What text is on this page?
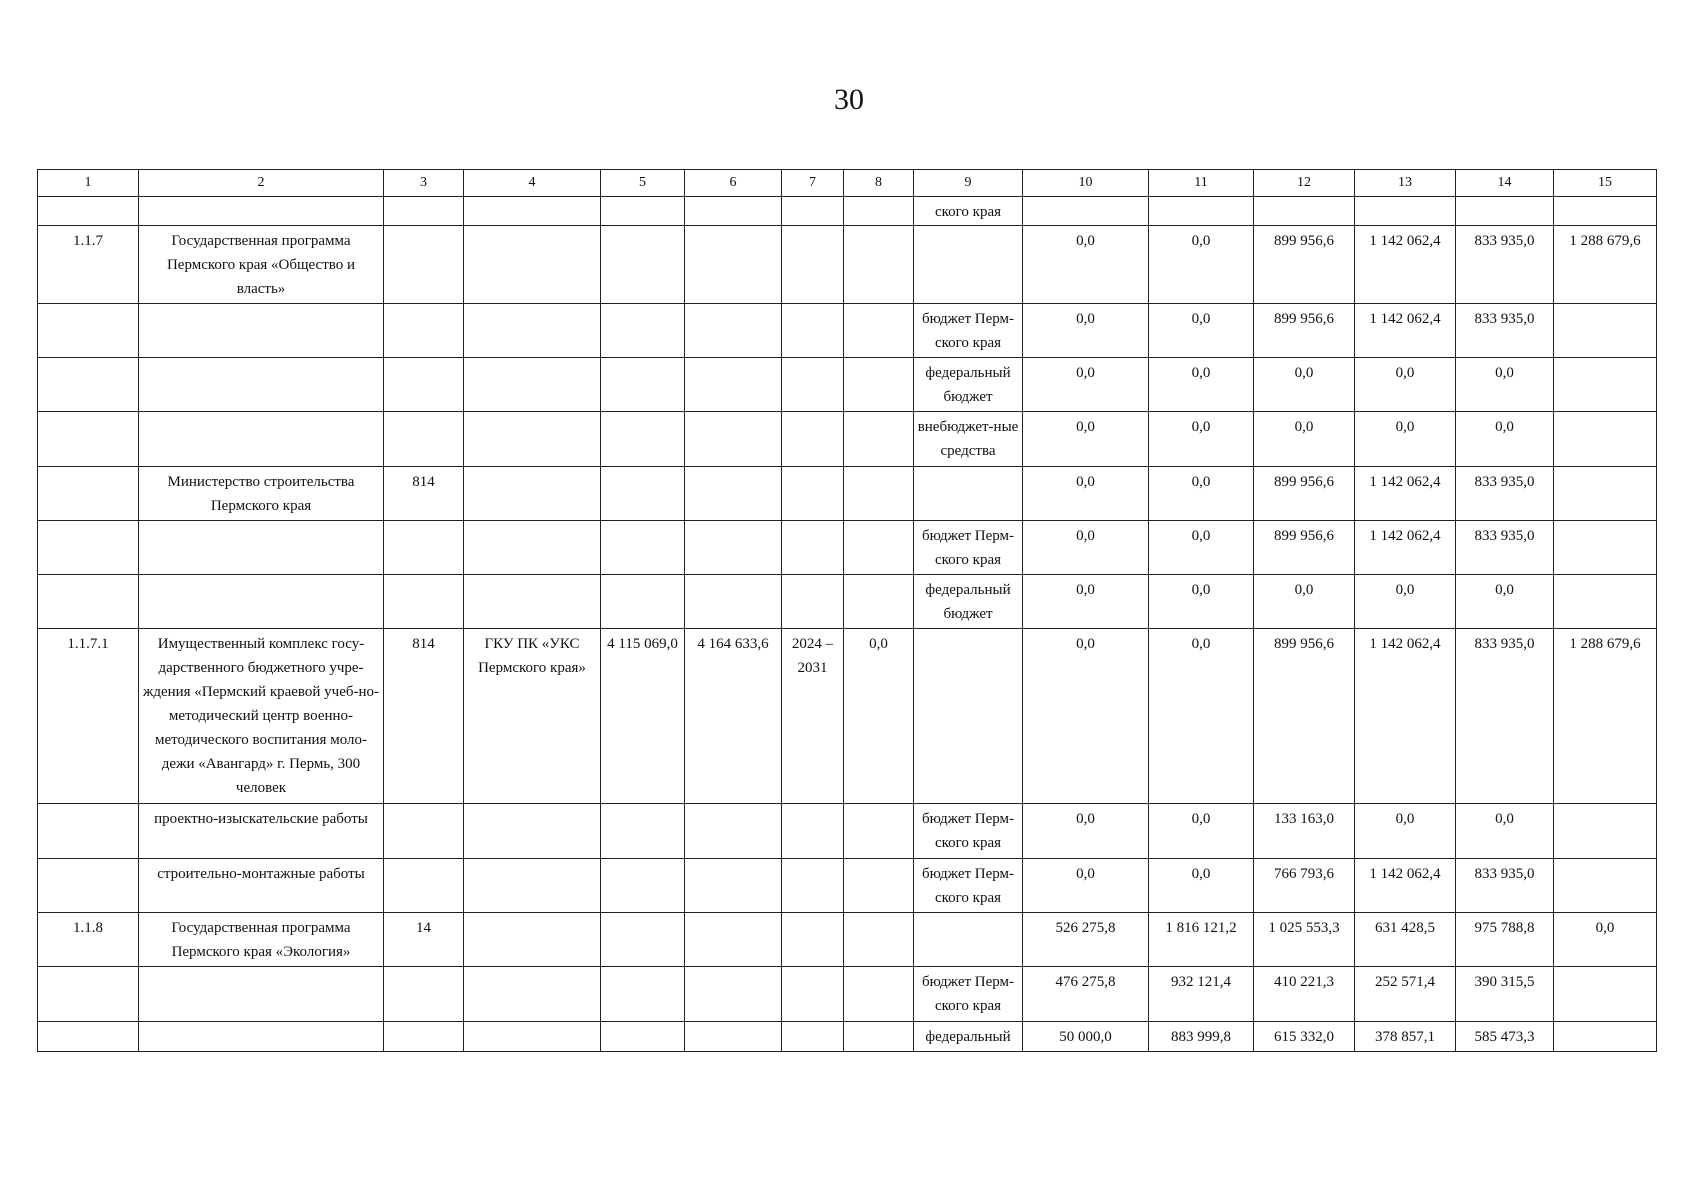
30
1	2	3	4	5	6	7	8	9	10	11	12	13	14	15
								ского края						
1.1.7	Государственная программа Пермского края «Общество и власть»								0,0	0,0	899 956,6	1 142 062,4	833 935,0	1 288 679,6
								бюджет Перм-ского края	0,0	0,0	899 956,6	1 142 062,4	833 935,0	
								федеральный бюджет	0,0	0,0	0,0	0,0	0,0	
								внебюджет-ные средства	0,0	0,0	0,0	0,0	0,0	
	Министерство строительства Пермского края	814							0,0	0,0	899 956,6	1 142 062,4	833 935,0	
								бюджет Перм-ского края	0,0	0,0	899 956,6	1 142 062,4	833 935,0	
								федеральный бюджет	0,0	0,0	0,0	0,0	0,0	
1.1.7.1	Имущественный комплекс госу-дарственного бюджетного учре-ждения «Пермский краевой учеб-но-методический центр военно-методического воспитания моло-дежи «Авангард» г. Пермь, 300 человек	814	ГКУ ПК «УКС Пермского края»	4 115 069,0	4 164 633,6	2024 – 2031	0,0		0,0	0,0	899 956,6	1 142 062,4	833 935,0	1 288 679,6
	проектно-изыскательские работы							бюджет Перм-ского края	0,0	0,0	133 163,0	0,0	0,0	
	строительно-монтажные работы							бюджет Перм-ского края	0,0	0,0	766 793,6	1 142 062,4	833 935,0	
1.1.8	Государственная программа Пермского края «Экология»	14							526 275,8	1 816 121,2	1 025 553,3	631 428,5	975 788,8	0,0
								бюджет Перм-ского края	476 275,8	932 121,4	410 221,3	252 571,4	390 315,5	
								федеральный	50 000,0	883 999,8	615 332,0	378 857,1	585 473,3	
